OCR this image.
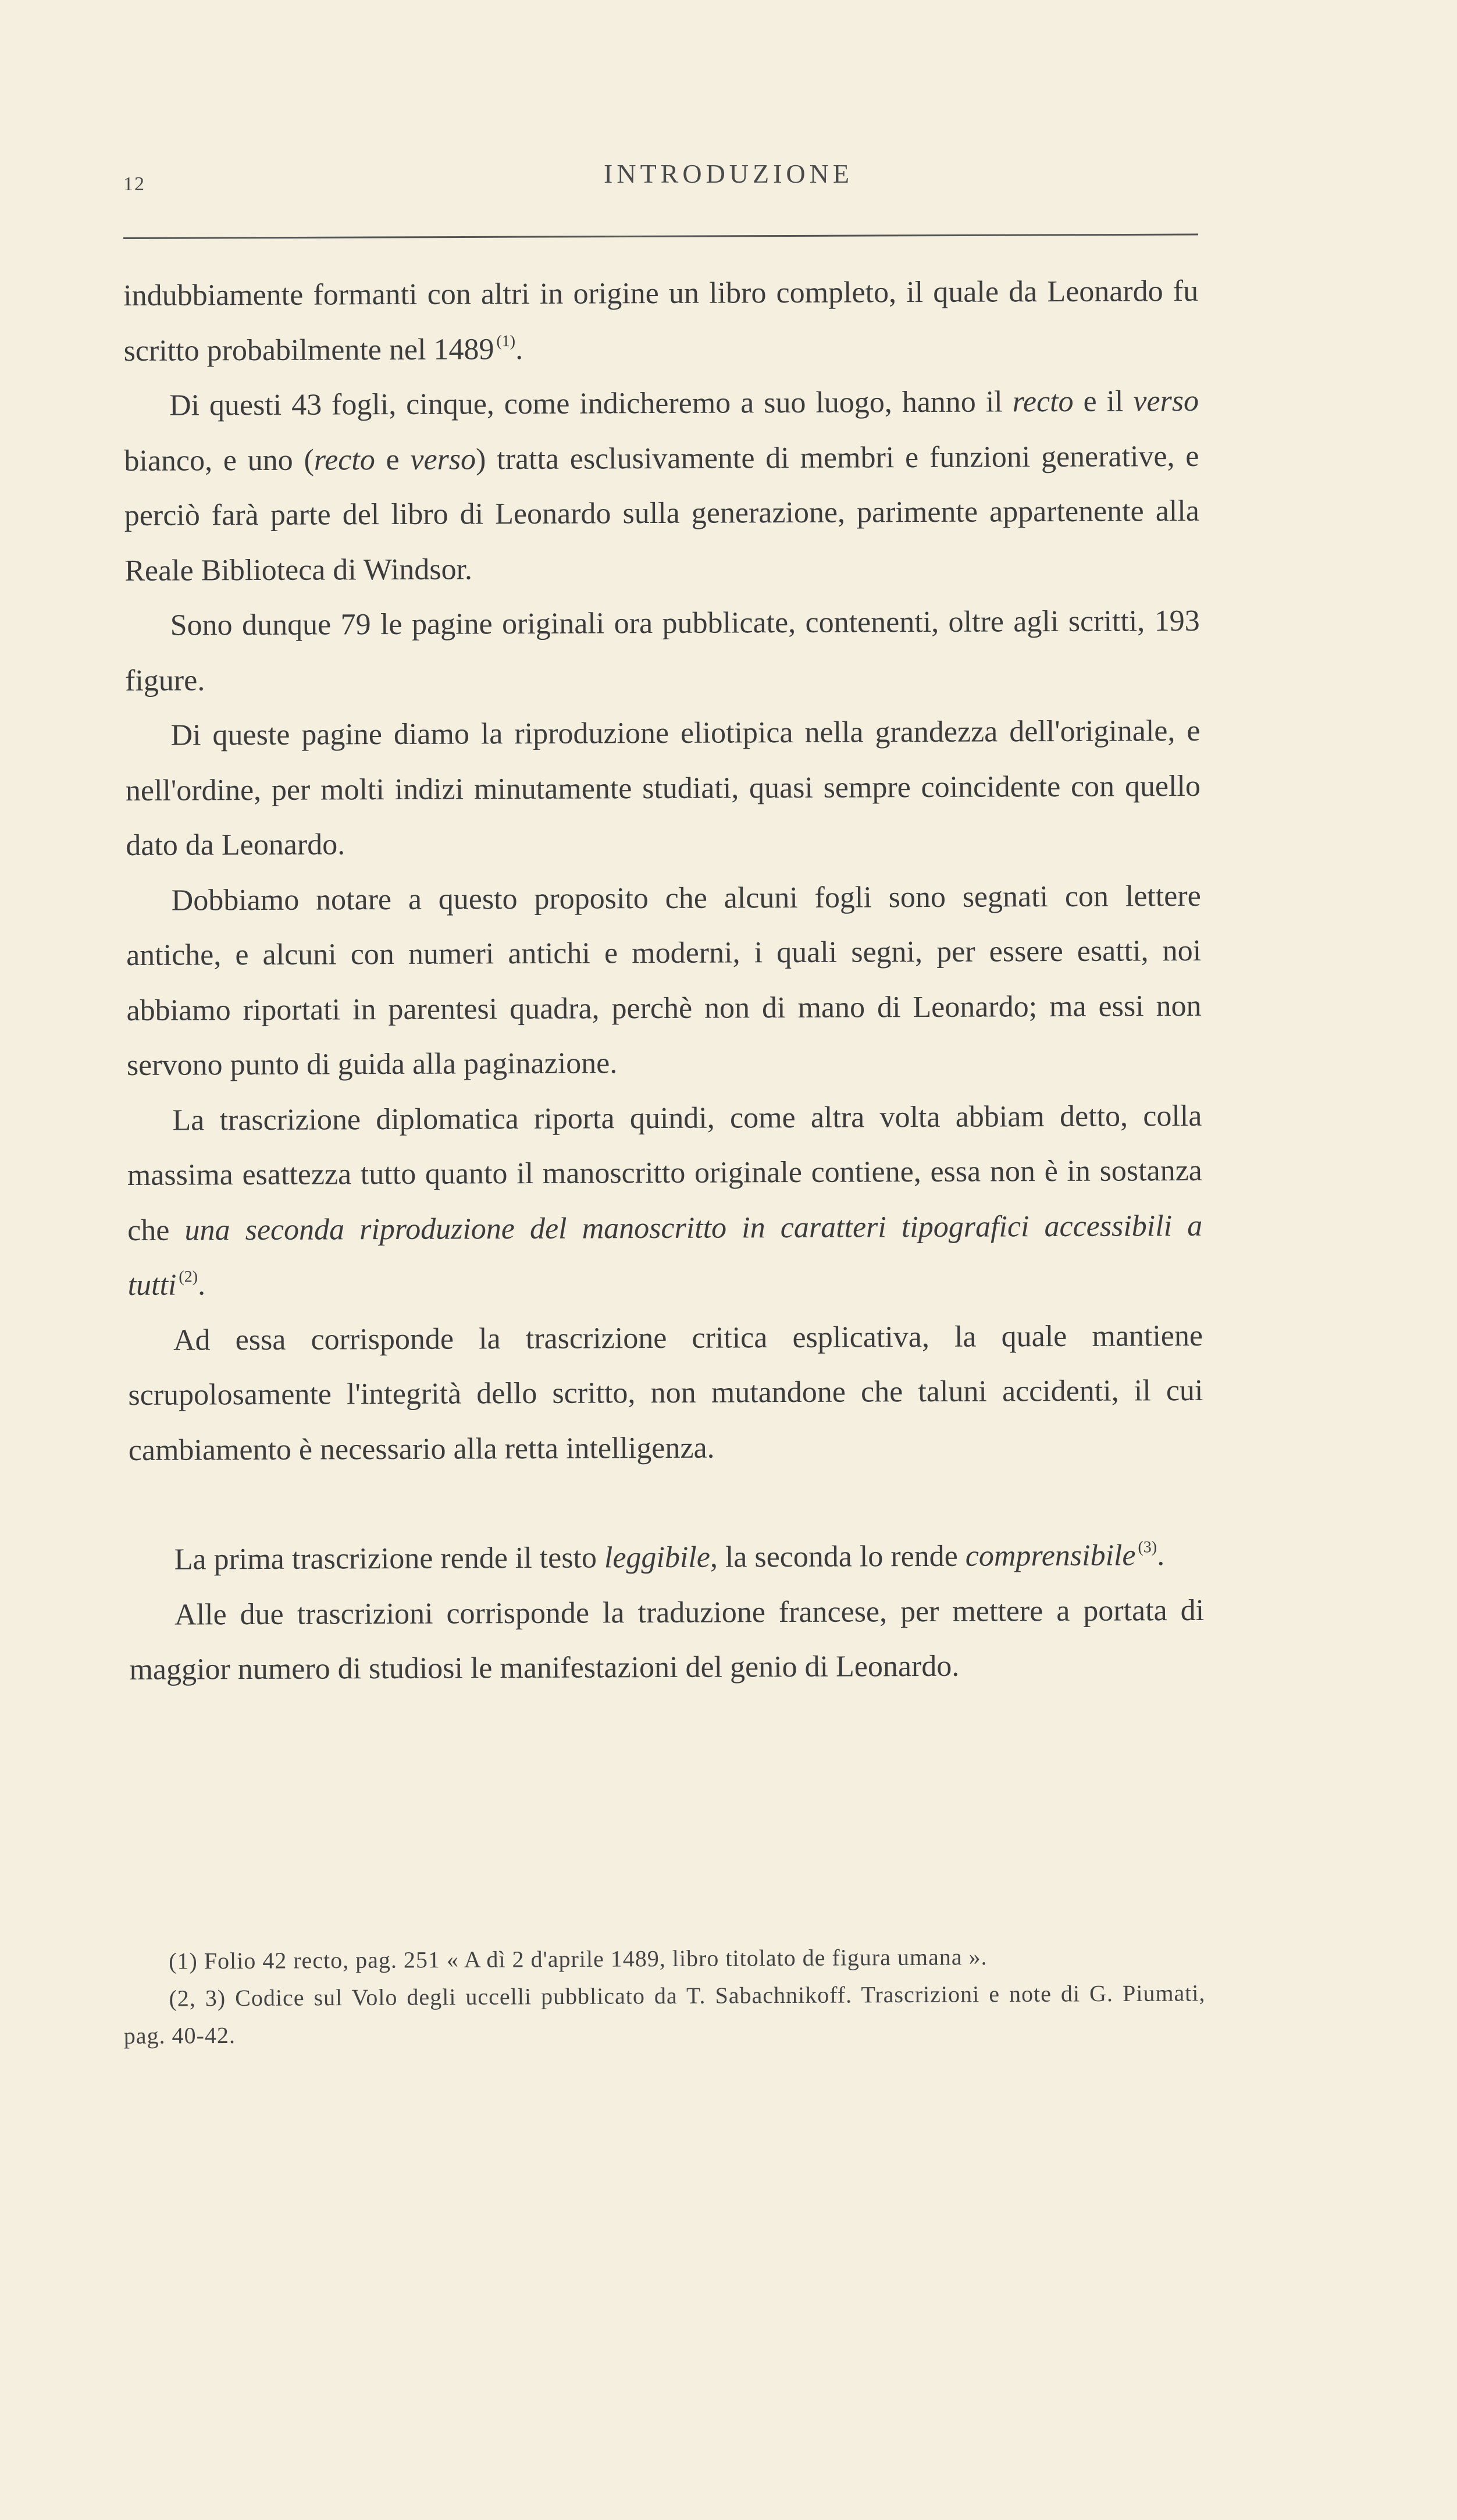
12	INTRODUZIONE

indubbiamente formanti con altri in origine un libro completo, il quale da Leonardo fu scritto probabilmente nel 1489 $^{(1)}$.

Di questi 43 fogli, cinque, come indicheremo a suo luogo, hanno il recto e il verso bianco, e uno (recto e verso) tratta esclusivamente di membri e funzioni generative, e perciò farà parte del libro di Leonardo sulla generazione, parimente appartenente alla Reale Biblioteca di Windsor.

Sono dunque 79 le pagine originali ora pubblicate, contenenti, oltre agli scritti, 193 figure.

Di queste pagine diamo la riproduzione eliotipica nella grandezza dell'originale, e nell'ordine, per molti indizi minutamente studiati, quasi sempre coincidente con quello dato da Leonardo.

Dobbiamo notare a questo proposito che alcuni fogli sono segnati con lettere antiche, e alcuni con numeri antichi e moderni, i quali segni, per essere esatti, noi abbiamo riportati in parentesi quadra, perchè non di mano di Leonardo; ma essi non servono punto di guida alla paginazione.

La trascrizione diplomatica riporta quindi, come altra volta abbiam detto, colla massima esattezza tutto quanto il manoscritto originale contiene, essa non è in sostanza che una seconda riproduzione del manoscritto in caratteri tipografici accessibili a tutti $^{(2)}$.

Ad essa corrisponde la trascrizione critica esplicativa, la quale mantiene scrupolosamente l'integrità dello scritto, non mutandone che taluni accidenti, il cui cambiamento è necessario alla retta intelligenza.

La prima trascrizione rende il testo leggibile, la seconda lo rende comprensibile $^{(3)}$.

Alle due trascrizioni corrisponde la traduzione francese, per mettere a portata di maggior numero di studiosi le manifestazioni del genio di Leonardo.

(1) Folio 42 recto, pag. 251 « A dì 2 d'aprile 1489, libro titolato de figura umana ».

(2, 3) Codice sul Volo degli uccelli pubblicato da T. Sabachnikoff. Trascrizioni e note di G. Piumati, pag. 40-42.
